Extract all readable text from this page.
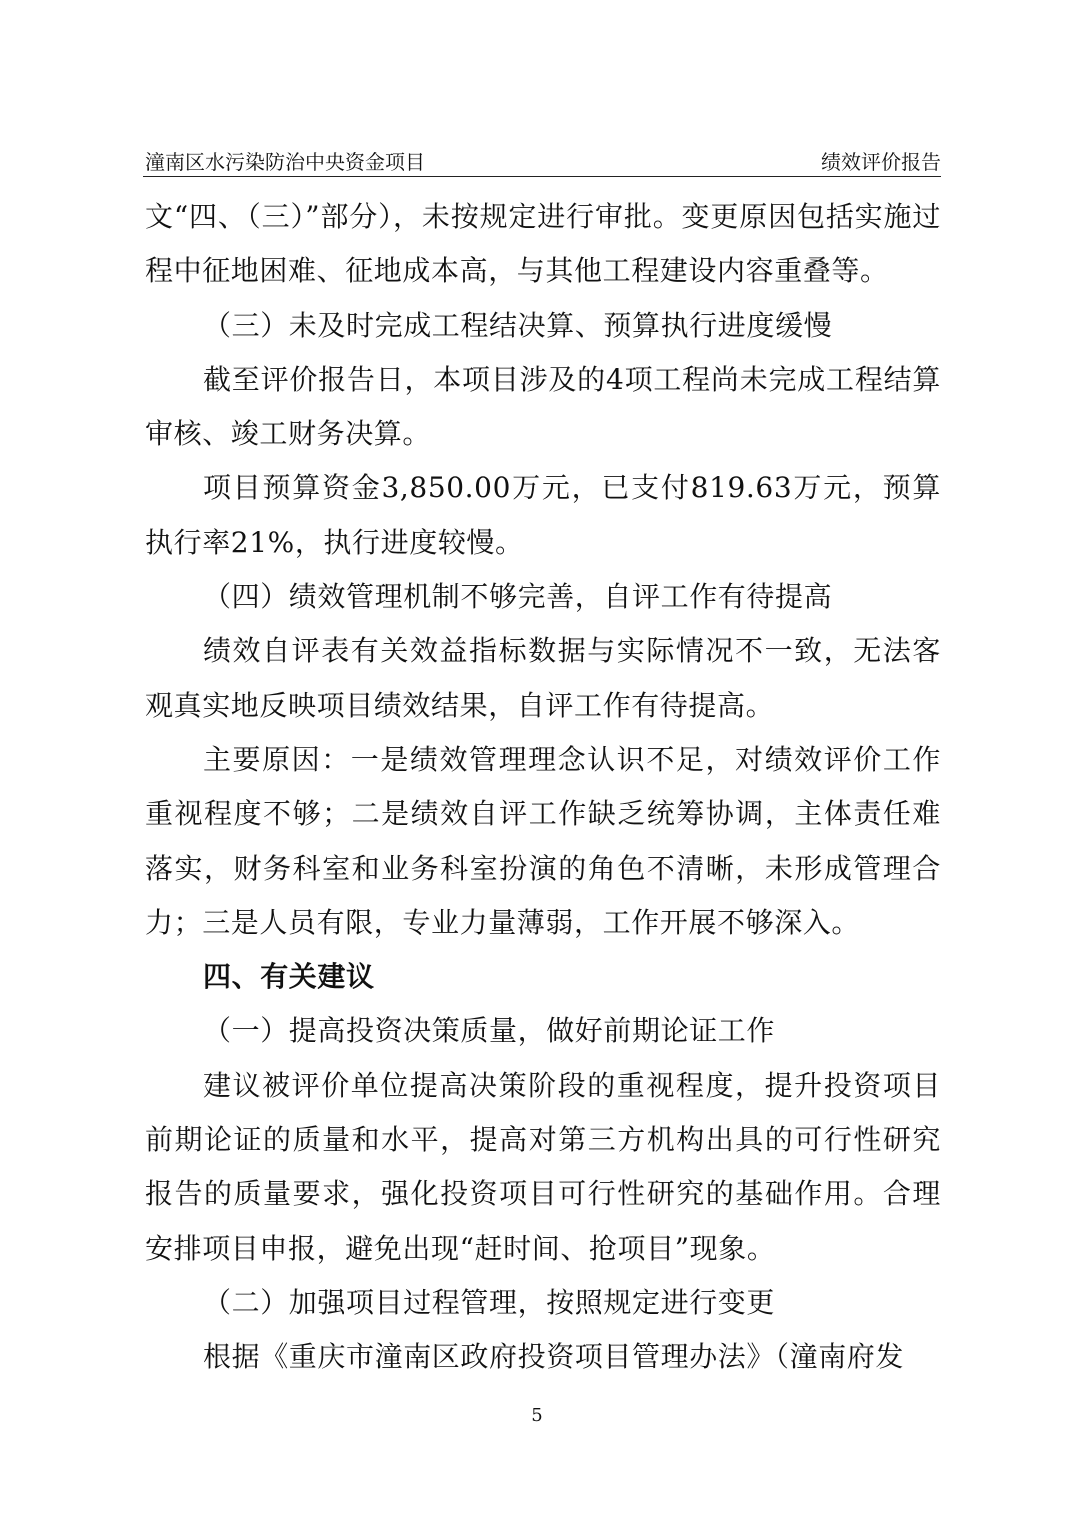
潼南区水污染防治中央资金项目	绩效评价报告

文“四、（三）”部分），未按规定进行审批。变更原因包括实施过程中征地困难、征地成本高，与其他工程建设内容重叠等。

（三）未及时完成工程结决算、预算执行进度缓慢

截至评价报告日，本项目涉及的4项工程尚未完成工程结算审核、竣工财务决算。

项目预算资金3,850.00万元，已支付819.63万元，预算执行率21%，执行进度较慢。

（四）绩效管理机制不够完善，自评工作有待提高

绩效自评表有关效益指标数据与实际情况不一致，无法客观真实地反映项目绩效结果，自评工作有待提高。

主要原因：一是绩效管理理念认识不足，对绩效评价工作重视程度不够；二是绩效自评工作缺乏统筹协调，主体责任难落实，财务科室和业务科室扮演的角色不清晰，未形成管理合力；三是人员有限，专业力量薄弱，工作开展不够深入。

四、有关建议

（一）提高投资决策质量，做好前期论证工作

建议被评价单位提高决策阶段的重视程度，提升投资项目前期论证的质量和水平，提高对第三方机构出具的可行性研究报告的质量要求，强化投资项目可行性研究的基础作用。合理安排项目申报，避免出现“赶时间、抢项目”现象。

（二）加强项目过程管理，按照规定进行变更

根据《重庆市潼南区政府投资项目管理办法》（潼南府发

5
